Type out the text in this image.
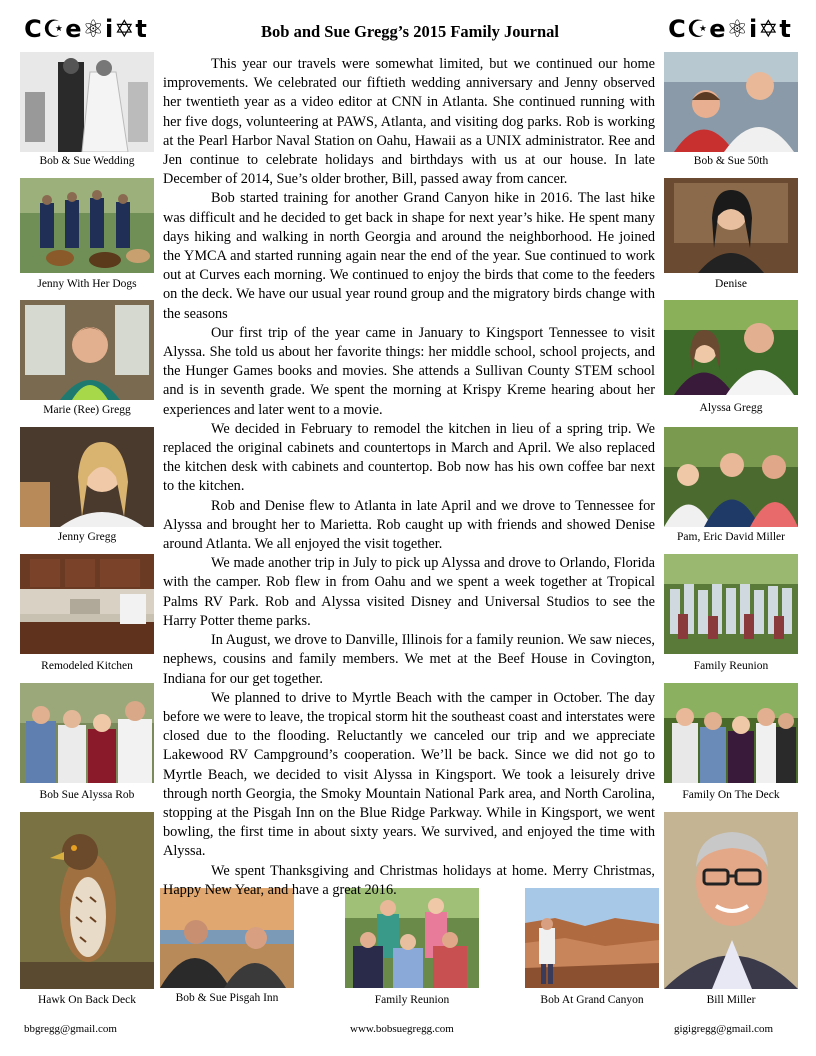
C☪e⚛i✡t	C☪e⚛i✡t
Bob and Sue Gregg’s 2015 Family Journal
Bob & Sue Wedding
Jenny With Her Dogs
Marie (Ree) Gregg
Jenny Gregg
Remodeled Kitchen
Bob Sue Alyssa Rob
Hawk On Back Deck
Bob & Sue 50th
Denise
Alyssa Gregg
Pam, Eric David Miller
Family Reunion
Family On The Deck
Bill Miller
Bob & Sue Pisgah Inn	Family Reunion	Bob At Grand Canyon

This year our travels were somewhat limited, but we continued our home improvements. We celebrated our fiftieth wedding anniversary and Jenny observed her twentieth year as a video editor at CNN in Atlanta. She continued running with her five dogs, volunteering at PAWS, Atlanta, and visiting dog parks. Rob is working at the Pearl Harbor Naval Station on Oahu, Hawaii as a UNIX administrator. Ree and Jen continue to celebrate holidays and birthdays with us at our house. In late December of 2014, Sue’s older brother, Bill, passed away from cancer.

Bob started training for another Grand Canyon hike in 2016. The last hike was difficult and he decided to get back in shape for next year’s hike. He spent many days hiking and walking in north Georgia and around the neighborhood. He joined the YMCA and started running again near the end of the year. Sue continued to work out at Curves each morning. We continued to enjoy the birds that come to the feeders on the deck. We have our usual year round group and the migratory birds change with the seasons

Our first trip of the year came in January to Kingsport Tennessee to visit Alyssa. She told us about her favorite things: her middle school, school projects, and the Hunger Games books and movies. She attends a Sullivan County STEM school and is in seventh grade. We spent the morning at Krispy Kreme hearing about her experiences and later went to a movie.

We decided in February to remodel the kitchen in lieu of a spring trip. We replaced the original cabinets and countertops in March and April. We also replaced the kitchen desk with cabinets and countertop. Bob now has his own coffee bar next to the kitchen.

Rob and Denise flew to Atlanta in late April and we drove to Tennessee for Alyssa and brought her to Marietta. Rob caught up with friends and showed Denise around Atlanta. We all enjoyed the visit together.

We made another trip in July to pick up Alyssa and drove to Orlando, Florida with the camper. Rob flew in from Oahu and we spent a week together at Tropical Palms RV Park. Rob and Alyssa visited Disney and Universal Studios to see the Harry Potter theme parks.

In August, we drove to Danville, Illinois for a family reunion. We saw nieces, nephews, cousins and family members. We met at the Beef House in Covington, Indiana for our get together.

We planned to drive to Myrtle Beach with the camper in October. The day before we were to leave, the tropical storm hit the southeast coast and interstates were closed due to the flooding. Reluctantly we canceled our trip and we appreciate Lakewood RV Campground’s cooperation. We’ll be back. Since we did not go to Myrtle Beach, we decided to visit Alyssa in Kingsport. We took a leisurely drive through north Georgia, the Smoky Mountain National Park area, and North Carolina, stopping at the Pisgah Inn on the Blue Ridge Parkway. While in Kingsport, we went bowling, the first time in about sixty years. We survived, and enjoyed the time with Alyssa.

We spent Thanksgiving and Christmas holidays at home. Merry Christmas, Happy New Year, and have a great 2016.

bbgregg@gmail.com	www.bobsuegregg.com	gigigregg@gmail.com
